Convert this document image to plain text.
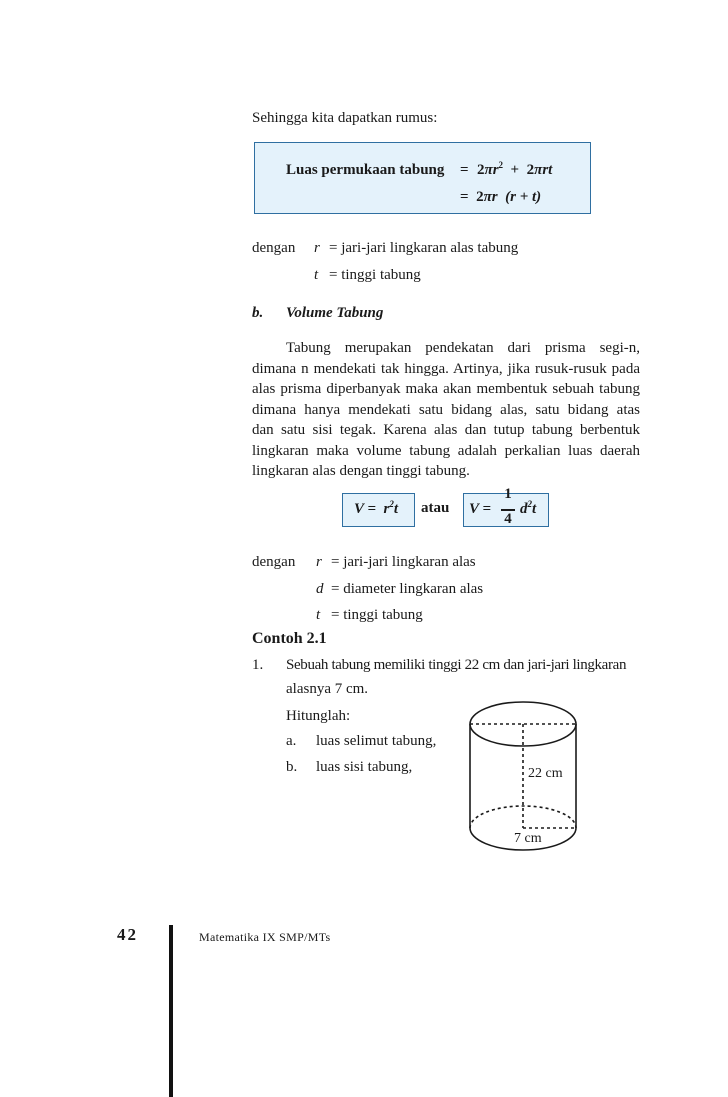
Sehingga kita dapatkan rumus:
Luas permukaan tabung = $2\pi r^2 + 2\pi rt$
= 2πr (r + t)
dengan r = jari-jari lingkaran alas tabung
t = tinggi tabung
b. Volume Tabung
Tabung merupakan pendekatan dari prisma segi-n,
dimana n mendekati tak hingga. Artinya, jika rusuk-rusuk pada
alas prisma diperbanyak maka akan membentuk sebuah tabung
dimana hanya mendekati satu bidang alas, satu bidang atas
dan satu sisi tegak. Karena alas dan tutup tabung berbentuk
lingkaran maka volume tabung adalah perkalian luas daerah
lingkaran alas dengan tinggi tabung.
$V = r^2t$ atau V =
1
4
$d^2t$
dengan r = jari-jari lingkaran alas
d = diameter lingkaran alas
t = tinggi tabung
Contoh 2.1
1. Sebuah tabung memiliki tinggi 22 cm dan jari-jari lingkaran
alasnya 7 cm.
Hitunglah:
a. luas selimut tabung,
b. luas sisi tabung,	22 cm
7 cm
42	Matematika IX SMP/MTs
